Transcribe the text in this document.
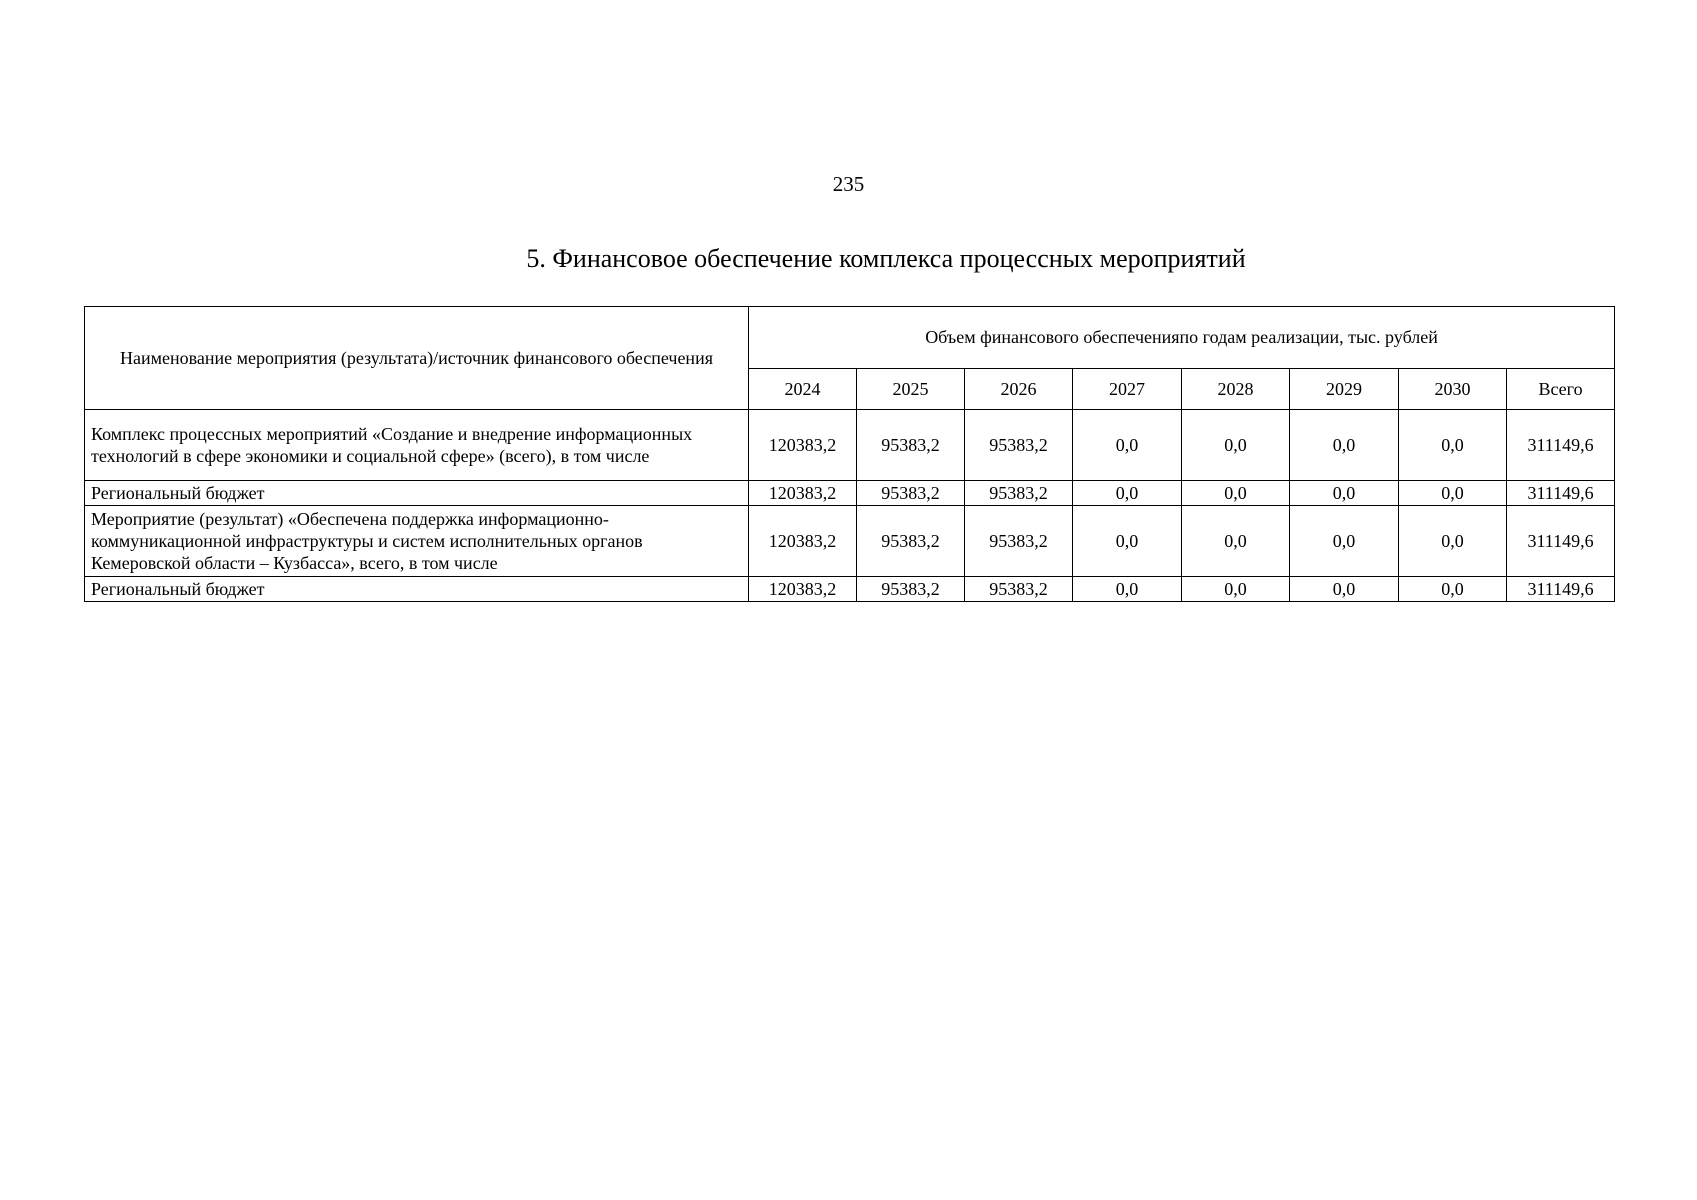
235
5. Финансовое обеспечение комплекса процессных мероприятий
Наименование мероприятия (результата)/источник финансового обеспечения	Объем финансового обеспеченияпо годам реализации, тыс. рублей							
	2024	2025	2026	2027	2028	2029	2030	Всего
Комплекс процессных мероприятий «Создание и внедрение информационных технологий в сфере экономики и социальной сфере» (всего), в том числе	120383,2	95383,2	95383,2	0,0	0,0	0,0	0,0	311149,6
Региональный бюджет	120383,2	95383,2	95383,2	0,0	0,0	0,0	0,0	311149,6
Мероприятие (результат) «Обеспечена поддержка информационно-коммуникационной инфраструктуры и систем исполнительных органов Кемеровской области – Кузбасса», всего, в том числе	120383,2	95383,2	95383,2	0,0	0,0	0,0	0,0	311149,6
Региональный бюджет	120383,2	95383,2	95383,2	0,0	0,0	0,0	0,0	311149,6
